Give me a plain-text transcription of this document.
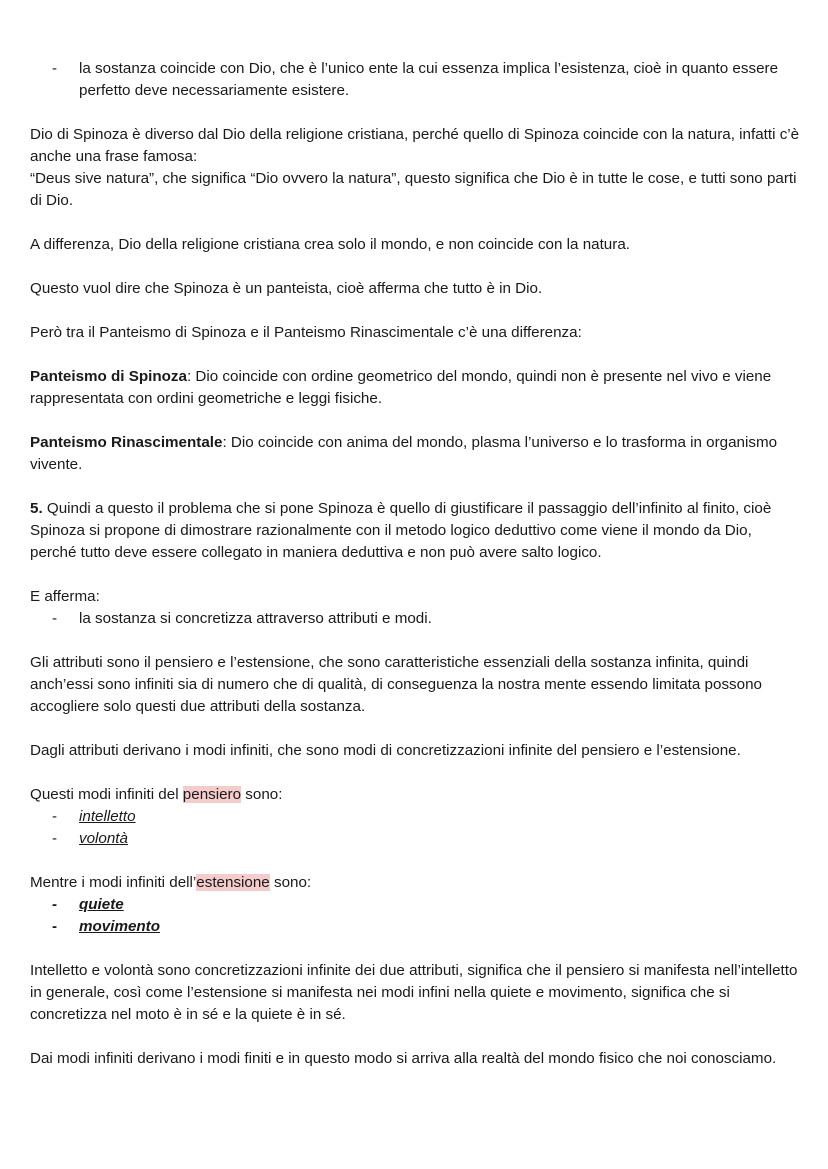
- la sostanza coincide con Dio, che è l’unico ente la cui essenza implica l’esistenza, cioè in quanto essere perfetto deve necessariamente esistere.

Dio di Spinoza è diverso dal Dio della religione cristiana, perché quello di Spinoza coincide con la natura, infatti c’è anche una frase famosa:
“Deus sive natura”, che significa “Dio ovvero la natura”, questo significa che Dio è in tutte le cose, e tutti sono parti di Dio.

A differenza, Dio della religione cristiana crea solo il mondo, e non coincide con la natura.

Questo vuol dire che Spinoza è un panteista, cioè afferma che tutto è in Dio.

Però tra il Panteismo di Spinoza e il Panteismo Rinascimentale c’è una differenza:

Panteismo di Spinoza: Dio coincide con ordine geometrico del mondo, quindi non è presente nel vivo e viene rappresentata con ordini geometriche e leggi fisiche.

Panteismo Rinascimentale: Dio coincide con anima del mondo, plasma l’universo e lo trasforma in organismo vivente.

5. Quindi a questo il problema che si pone Spinoza è quello di giustificare il passaggio dell’infinito al finito, cioè Spinoza si propone di dimostrare razionalmente con il metodo logico deduttivo come viene il mondo da Dio, perché tutto deve essere collegato in maniera deduttiva e non può avere salto logico.

E afferma:

- la sostanza si concretizza attraverso attributi e modi.

Gli attributi sono il pensiero e l’estensione, che sono caratteristiche essenziali della sostanza infinita, quindi anch’essi sono infiniti sia di numero che di qualità, di conseguenza la nostra mente essendo limitata possono accogliere solo questi due attributi della sostanza.

Dagli attributi derivano i modi infiniti, che sono modi di concretizzazioni infinite del pensiero e l’estensione.

Questi modi infiniti del pensiero sono:

- intelletto
- volontà

Mentre i modi infiniti dell’estensione sono:

- quiete
- movimento

Intelletto e volontà sono concretizzazioni infinite dei due attributi, significa che il pensiero si manifesta nell’intelletto in generale, così come l’estensione si manifesta nei modi infini nella quiete e movimento, significa che si concretizza nel moto è in sé e la quiete è in sé.

Dai modi infiniti derivano i modi finiti e in questo modo si arriva alla realtà del mondo fisico che noi conosciamo.
